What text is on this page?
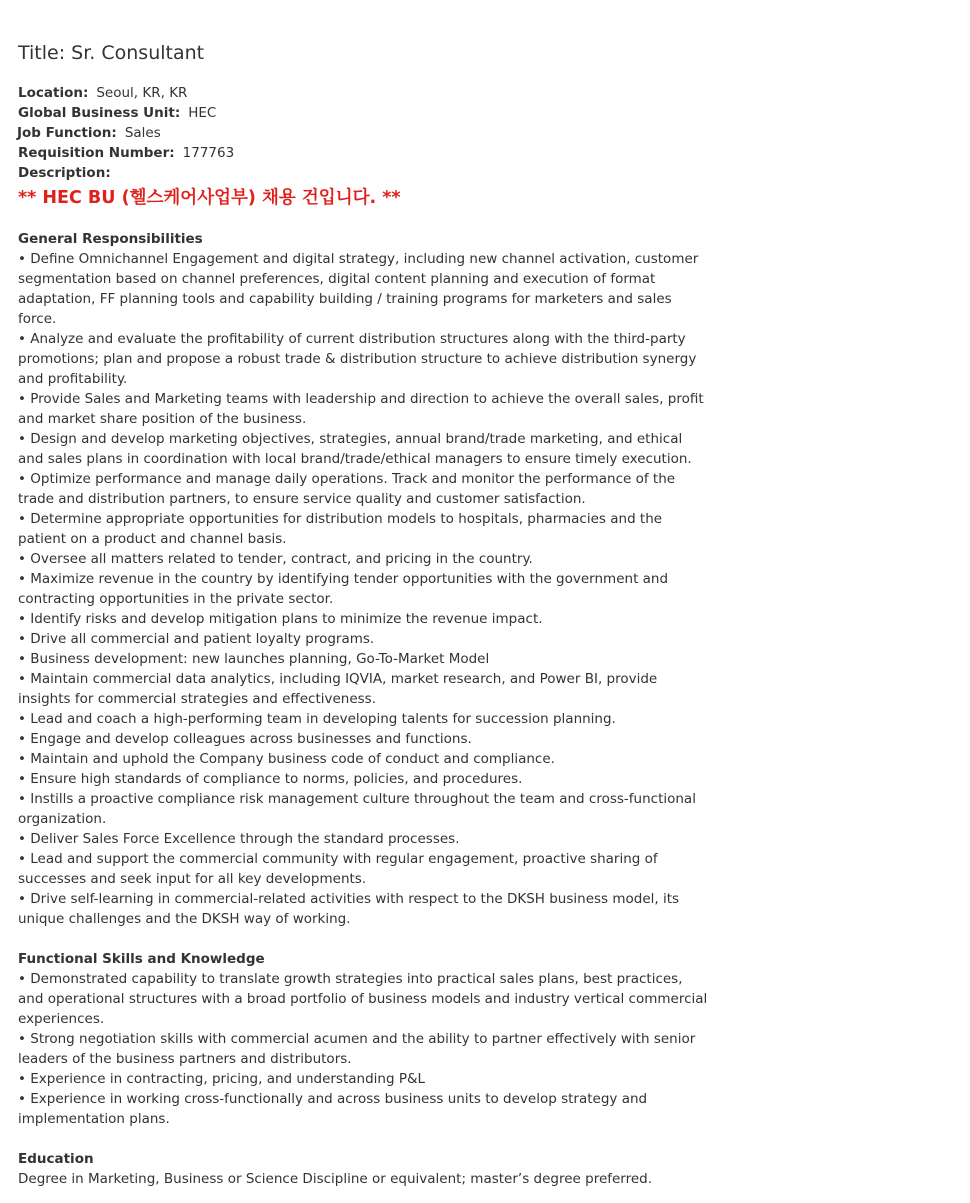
Title: Sr. Consultant
Location: Seoul, KR, KR
Global Business Unit: HEC
Job Function: Sales
Requisition Number: 177763
Description:
** HEC BU (헬스케어사업부) 채용 건입니다. **
General Responsibilities
• Define Omnichannel Engagement and digital strategy, including new channel activation, customer segmentation based on channel preferences, digital content planning and execution of format adaptation, FF planning tools and capability building / training programs for marketers and sales force.
• Analyze and evaluate the profitability of current distribution structures along with the third-party promotions; plan and propose a robust trade & distribution structure to achieve distribution synergy and profitability.
• Provide Sales and Marketing teams with leadership and direction to achieve the overall sales, profit and market share position of the business.
• Design and develop marketing objectives, strategies, annual brand/trade marketing, and ethical and sales plans in coordination with local brand/trade/ethical managers to ensure timely execution.
• Optimize performance and manage daily operations. Track and monitor the performance of the trade and distribution partners, to ensure service quality and customer satisfaction.
• Determine appropriate opportunities for distribution models to hospitals, pharmacies and the patient on a product and channel basis.
• Oversee all matters related to tender, contract, and pricing in the country.
• Maximize revenue in the country by identifying tender opportunities with the government and contracting opportunities in the private sector.
• Identify risks and develop mitigation plans to minimize the revenue impact.
• Drive all commercial and patient loyalty programs.
• Business development: new launches planning, Go-To-Market Model
• Maintain commercial data analytics, including IQVIA, market research, and Power BI, provide insights for commercial strategies and effectiveness.
• Lead and coach a high-performing team in developing talents for succession planning.
• Engage and develop colleagues across businesses and functions.
• Maintain and uphold the Company business code of conduct and compliance.
• Ensure high standards of compliance to norms, policies, and procedures.
• Instills a proactive compliance risk management culture throughout the team and cross-functional organization.
• Deliver Sales Force Excellence through the standard processes.
• Lead and support the commercial community with regular engagement, proactive sharing of successes and seek input for all key developments.
• Drive self-learning in commercial-related activities with respect to the DKSH business model, its unique challenges and the DKSH way of working.
Functional Skills and Knowledge
• Demonstrated capability to translate growth strategies into practical sales plans, best practices, and operational structures with a broad portfolio of business models and industry vertical commercial experiences.
• Strong negotiation skills with commercial acumen and the ability to partner effectively with senior leaders of the business partners and distributors.
• Experience in contracting, pricing, and understanding P&L
• Experience in working cross-functionally and across business units to develop strategy and implementation plans.
Education
Degree in Marketing, Business or Science Discipline or equivalent; master’s degree preferred.
